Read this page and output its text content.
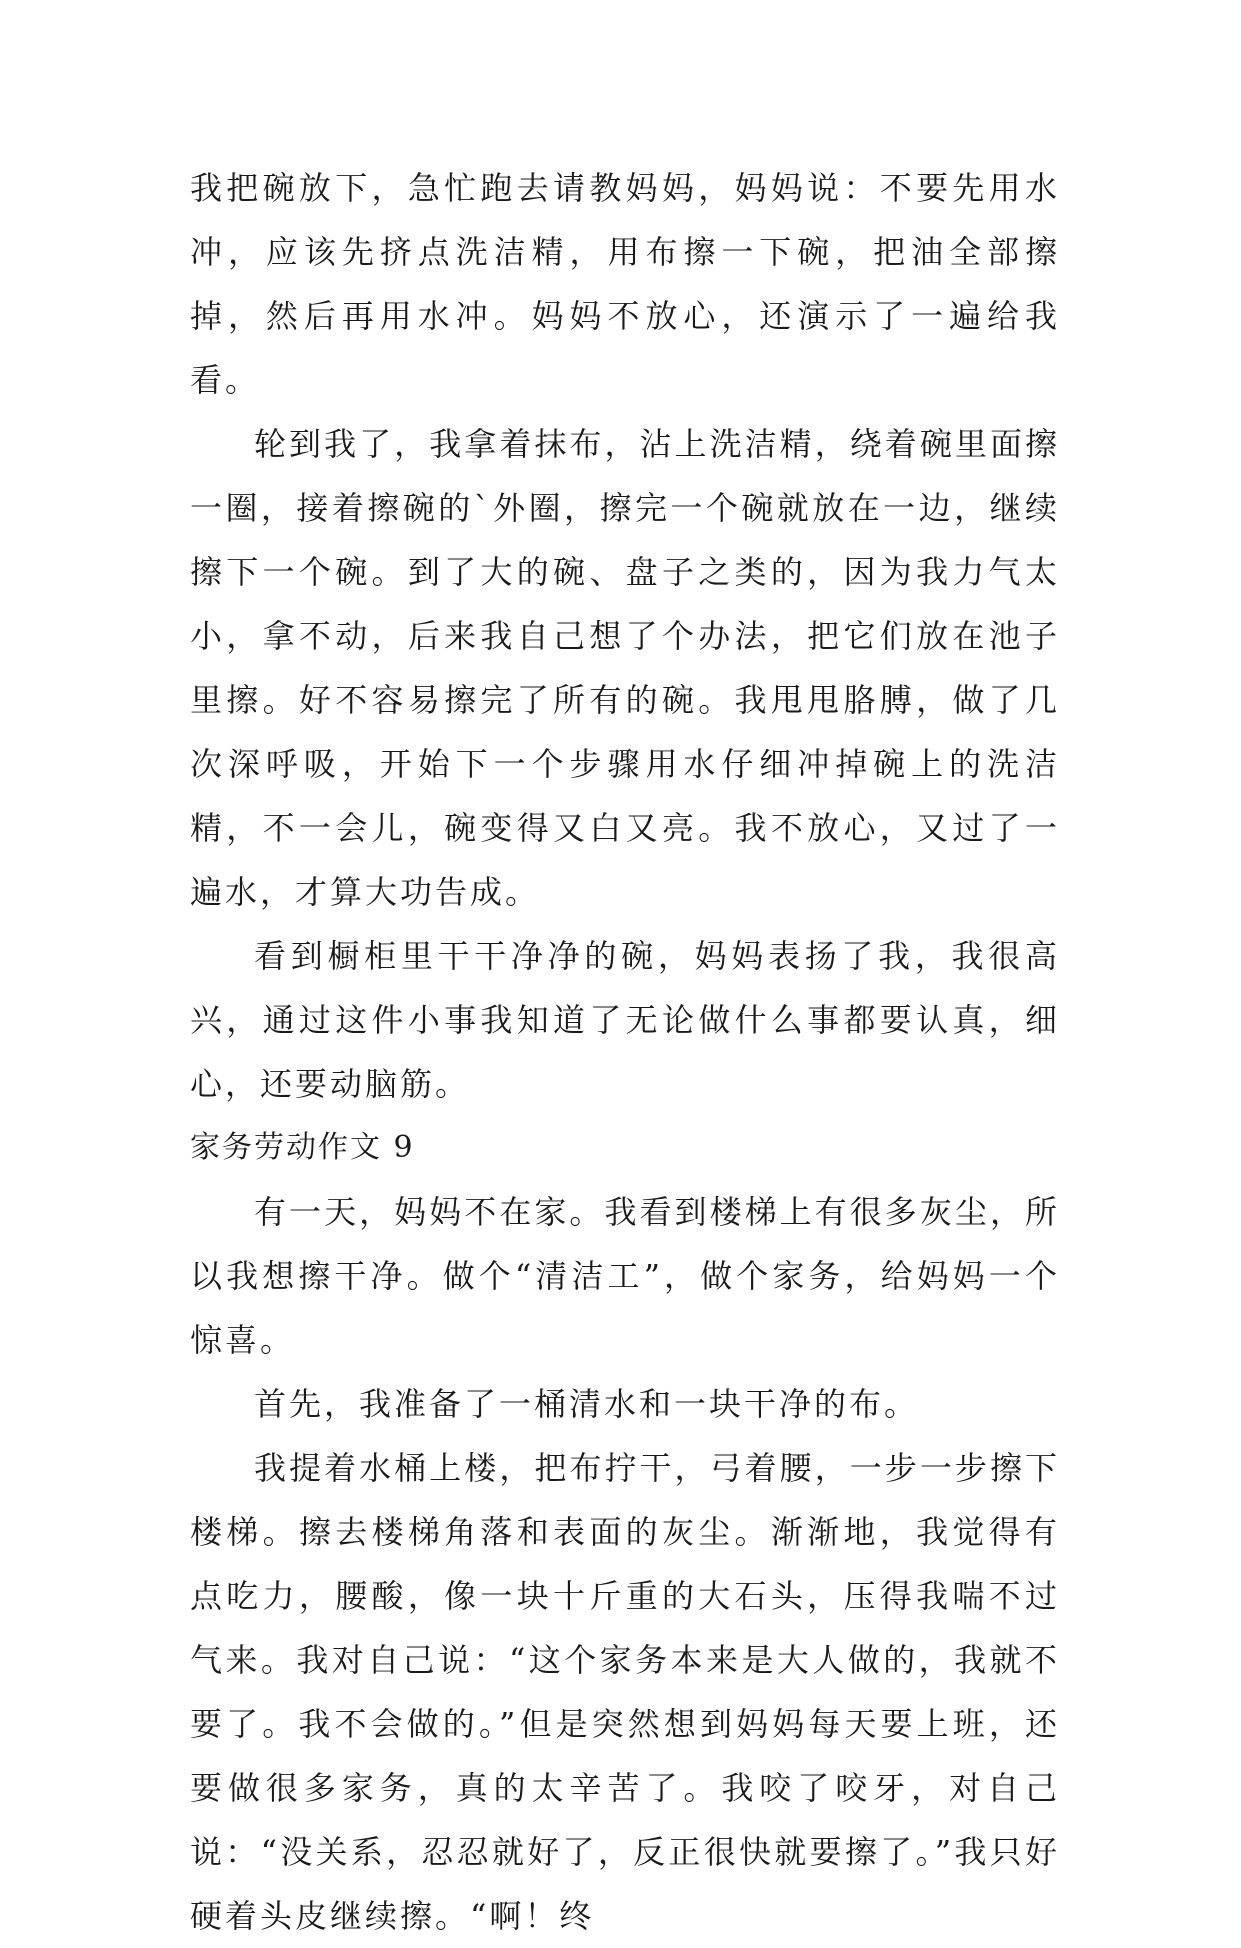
我把碗放下，急忙跑去请教妈妈，妈妈说：不要先用水冲，应该先挤点洗洁精，用布擦一下碗，把油全部擦掉，然后再用水冲。妈妈不放心，还演示了一遍给我看。

轮到我了，我拿着抹布，沾上洗洁精，绕着碗里面擦一圈，接着擦碗的`外圈，擦完一个碗就放在一边，继续擦下一个碗。到了大的碗、盘子之类的，因为我力气太小，拿不动，后来我自己想了个办法，把它们放在池子里擦。好不容易擦完了所有的碗。我甩甩胳膊，做了几次深呼吸，开始下一个步骤用水仔细冲掉碗上的洗洁精，不一会儿，碗变得又白又亮。我不放心，又过了一遍水，才算大功告成。

看到橱柜里干干净净的碗，妈妈表扬了我，我很高兴，通过这件小事我知道了无论做什么事都要认真，细心，还要动脑筋。

家务劳动作文 9

有一天，妈妈不在家。我看到楼梯上有很多灰尘，所以我想擦干净。做个“清洁工”，做个家务，给妈妈一个惊喜。

首先，我准备了一桶清水和一块干净的布。

我提着水桶上楼，把布拧干，弓着腰，一步一步擦下楼梯。擦去楼梯角落和表面的灰尘。渐渐地，我觉得有点吃力，腰酸，像一块十斤重的大石头，压得我喘不过气来。我对自己说：“这个家务本来是大人做的，我就不要了。我不会做的。”但是突然想到妈妈每天要上班，还要做很多家务，真的太辛苦了。我咬了咬牙，对自己说：“没关系，忍忍就好了，反正很快就要擦了。”我只好硬着头皮继续擦。“啊！终
